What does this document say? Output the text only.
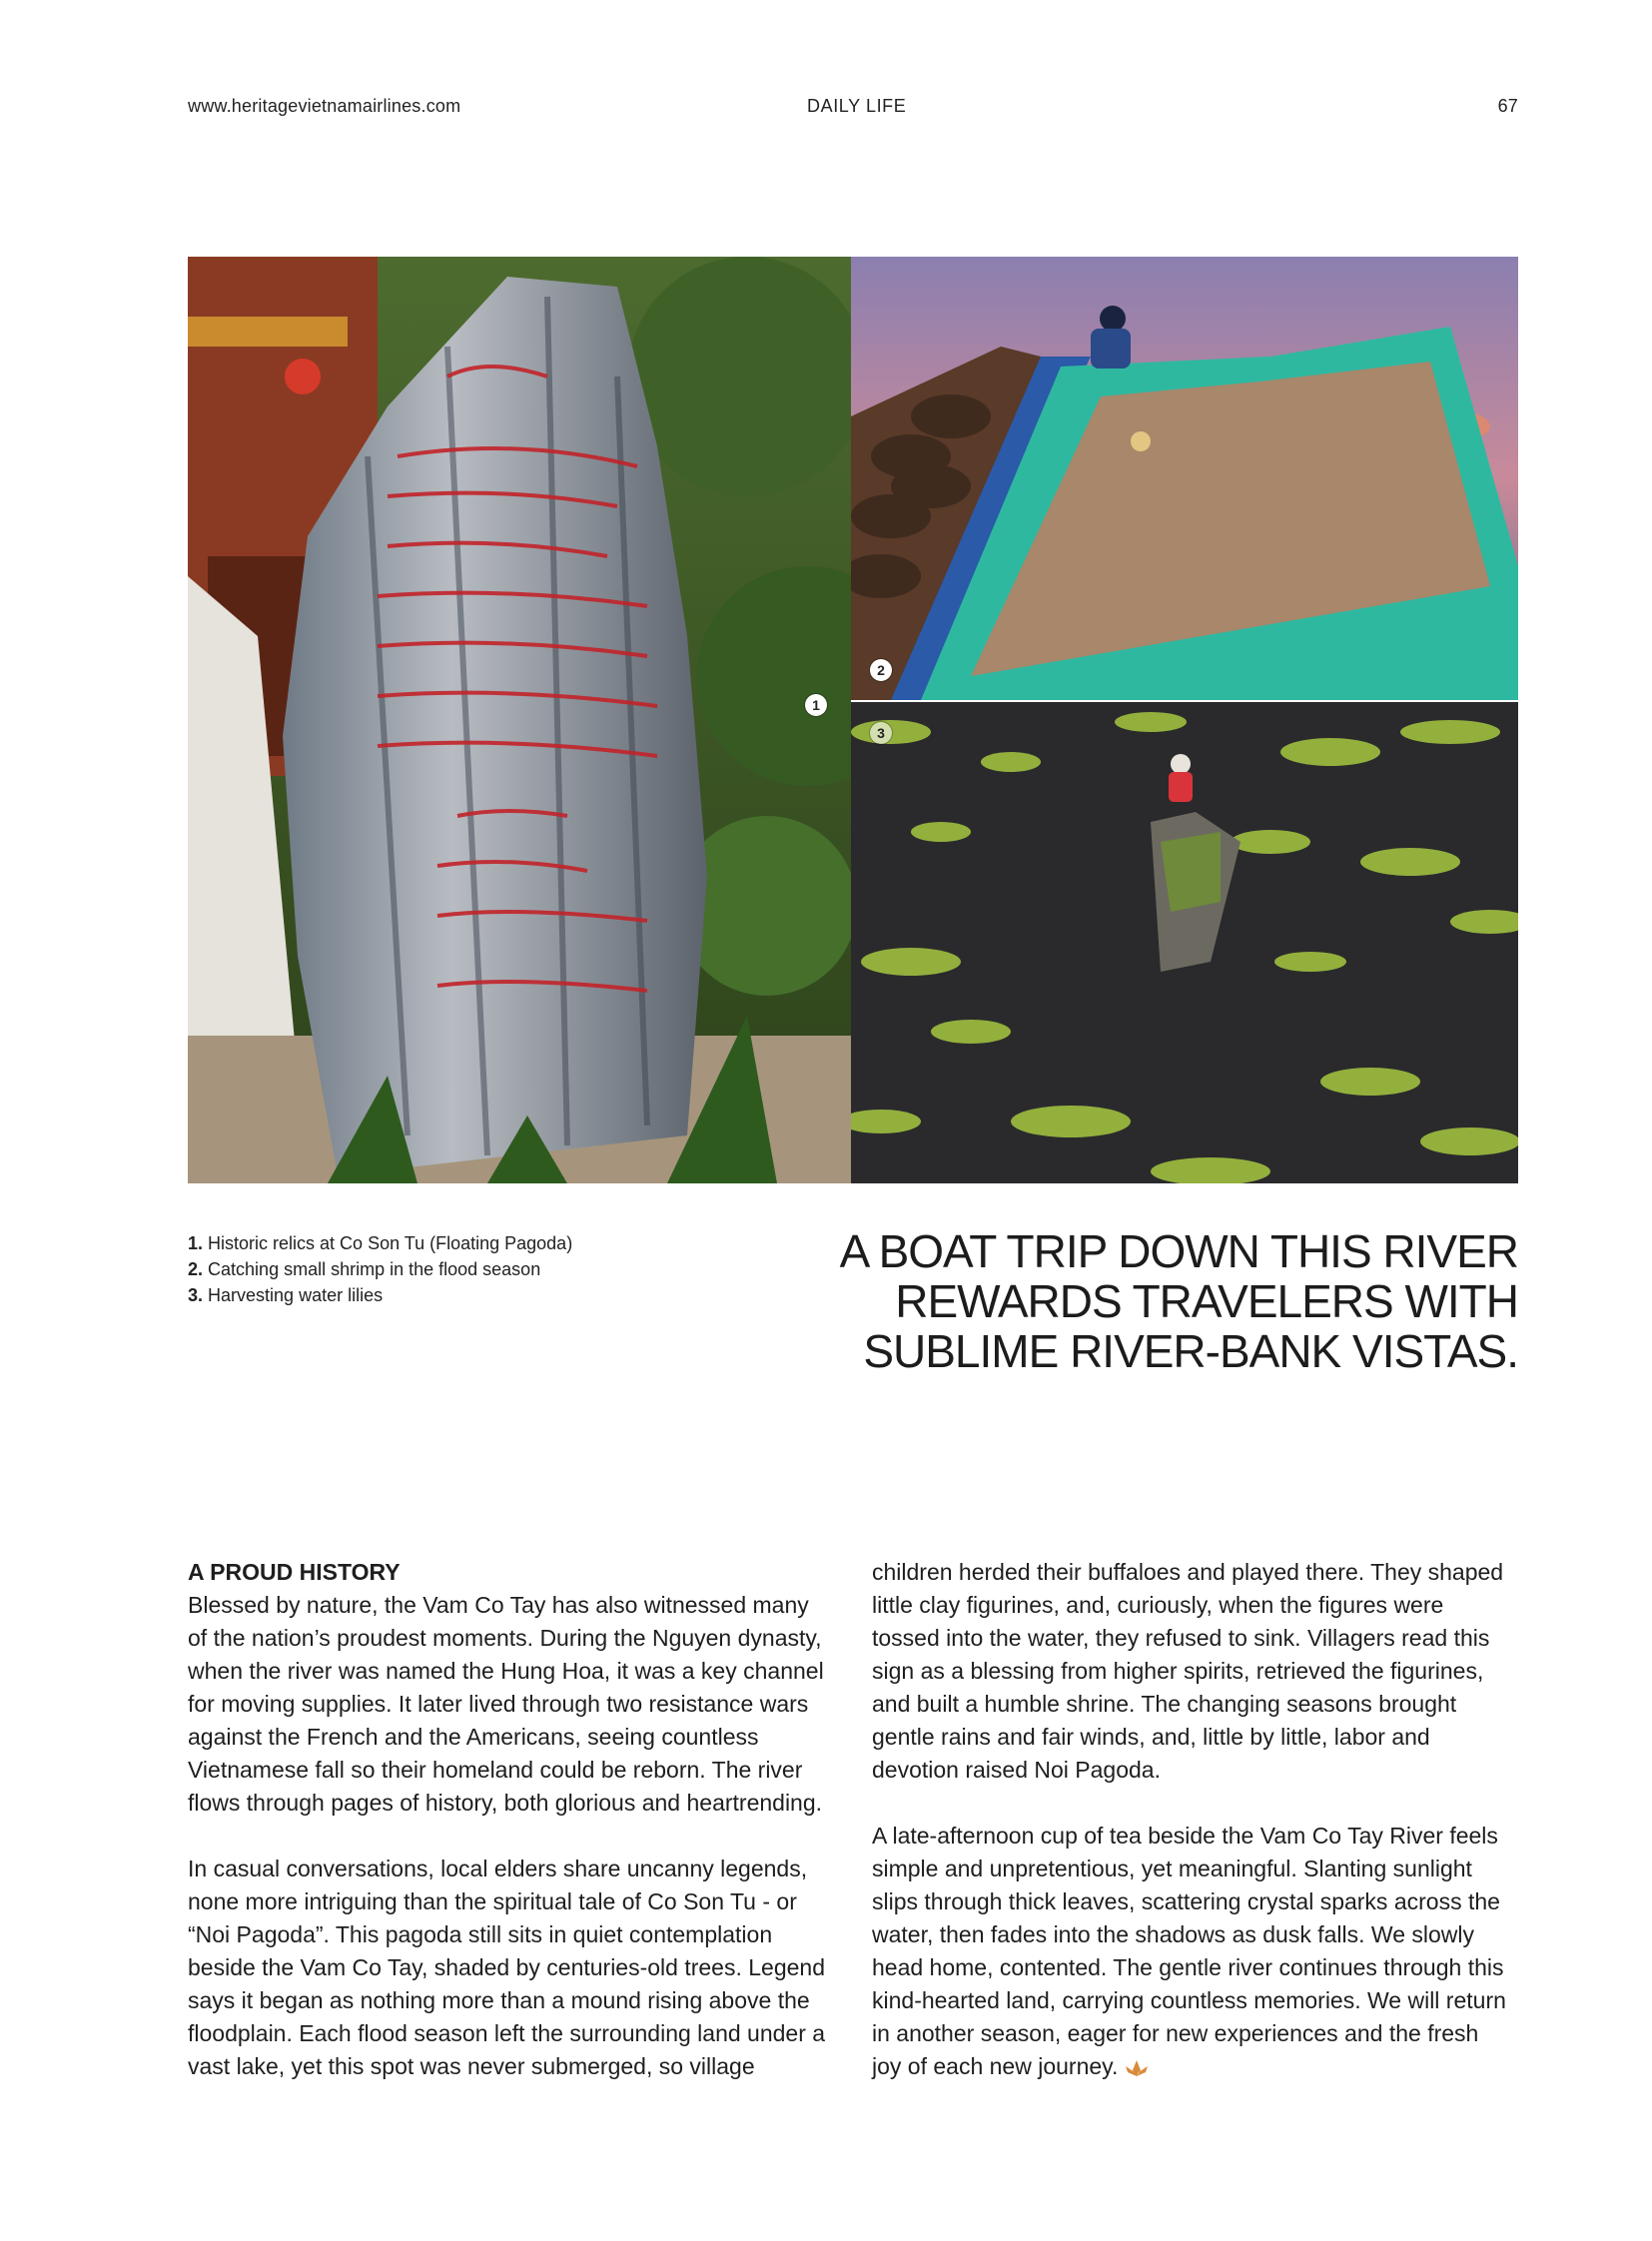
www.heritagevietnamairlines.com	DAILY LIFE	67
1
2
3
1. Historic relics at Co Son Tu (Floating Pagoda)
2. Catching small shrimp in the flood season
3. Harvesting water lilies
A BOAT TRIP DOWN THIS RIVER
REWARDS TRAVELERS WITH
SUBLIME RIVER-BANK VISTAS.
A PROUD HISTORY

Blessed by nature, the Vam Co Tay has also witnessed many of the nation’s proudest moments. During the Nguyen dynasty, when the river was named the Hung Hoa, it was a key channel for moving supplies. It later lived through two resistance wars against the French and the Americans, seeing countless Vietnamese fall so their homeland could be reborn. The river flows through pages of history, both glorious and heartrending.

In casual conversations, local elders share uncanny legends, none more intriguing than the spiritual tale of Co Son Tu - or “Noi Pagoda”. This pagoda still sits in quiet contemplation beside the Vam Co Tay, shaded by centuries-old trees. Legend says it began as nothing more than a mound rising above the floodplain. Each flood season left the surrounding land under a vast lake, yet this spot was never submerged, so village

children herded their buffaloes and played there. They shaped little clay figurines, and, curiously, when the figures were tossed into the water, they refused to sink. Villagers read this sign as a blessing from higher spirits, retrieved the figurines, and built a humble shrine. The changing seasons brought gentle rains and fair winds, and, little by little, labor and devotion raised Noi Pagoda.

A late-afternoon cup of tea beside the Vam Co Tay River feels simple and unpretentious, yet meaningful. Slanting sunlight slips through thick leaves, scattering crystal sparks across the water, then fades into the shadows as dusk falls. We slowly head home, contented. The gentle river continues through this kind-hearted land, carrying countless memories. We will return in another season, eager for new experiences and the fresh joy of each new journey.
